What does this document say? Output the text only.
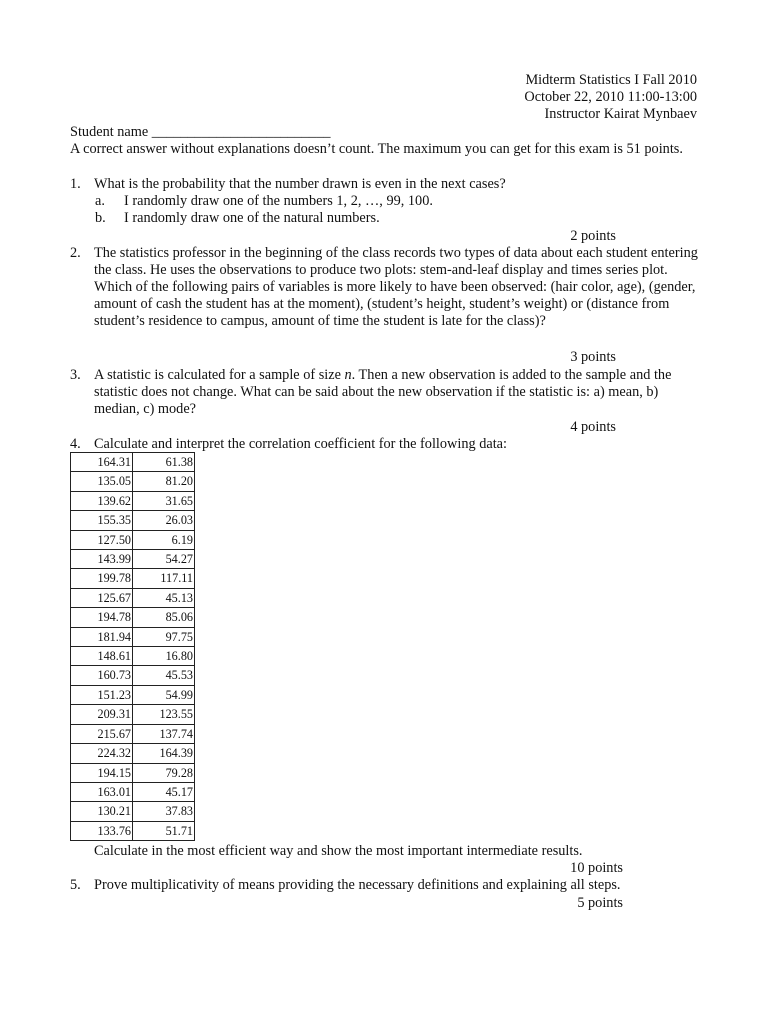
Midterm Statistics I Fall 2010
October 22, 2010 11:00-13:00
Instructor Kairat Mynbaev
Student name _________________________
A correct answer without explanations doesn’t count. The maximum you can get for this exam is 51 points.
1. What is the probability that the number drawn is even in the next cases?
a. I randomly draw one of the numbers 1, 2, …, 99, 100.
b. I randomly draw one of the natural numbers.
2 points
2. The statistics professor in the beginning of the class records two types of data about each student entering the class. He uses the observations to produce two plots: stem-and-leaf display and times series plot. Which of the following pairs of variables is more likely to have been observed: (hair color, age), (gender, amount of cash the student has at the moment), (student’s height, student’s weight) or (distance from student’s residence to campus, amount of time the student is late for the class)?
3 points
3. A statistic is calculated for a sample of size n. Then a new observation is added to the sample and the statistic does not change. What can be said about the new observation if the statistic is: a) mean, b) median, c) mode?
4 points
4. Calculate and interpret the correlation coefficient for the following data:
164.31	61.38
135.05	81.20
139.62	31.65
155.35	26.03
127.50	6.19
143.99	54.27
199.78	117.11
125.67	45.13
194.78	85.06
181.94	97.75
148.61	16.80
160.73	45.53
151.23	54.99
209.31	123.55
215.67	137.74
224.32	164.39
194.15	79.28
163.01	45.17
130.21	37.83
133.76	51.71
Calculate in the most efficient way and show the most important intermediate results.
10 points
5. Prove multiplicativity of means providing the necessary definitions and explaining all steps.
5 points
